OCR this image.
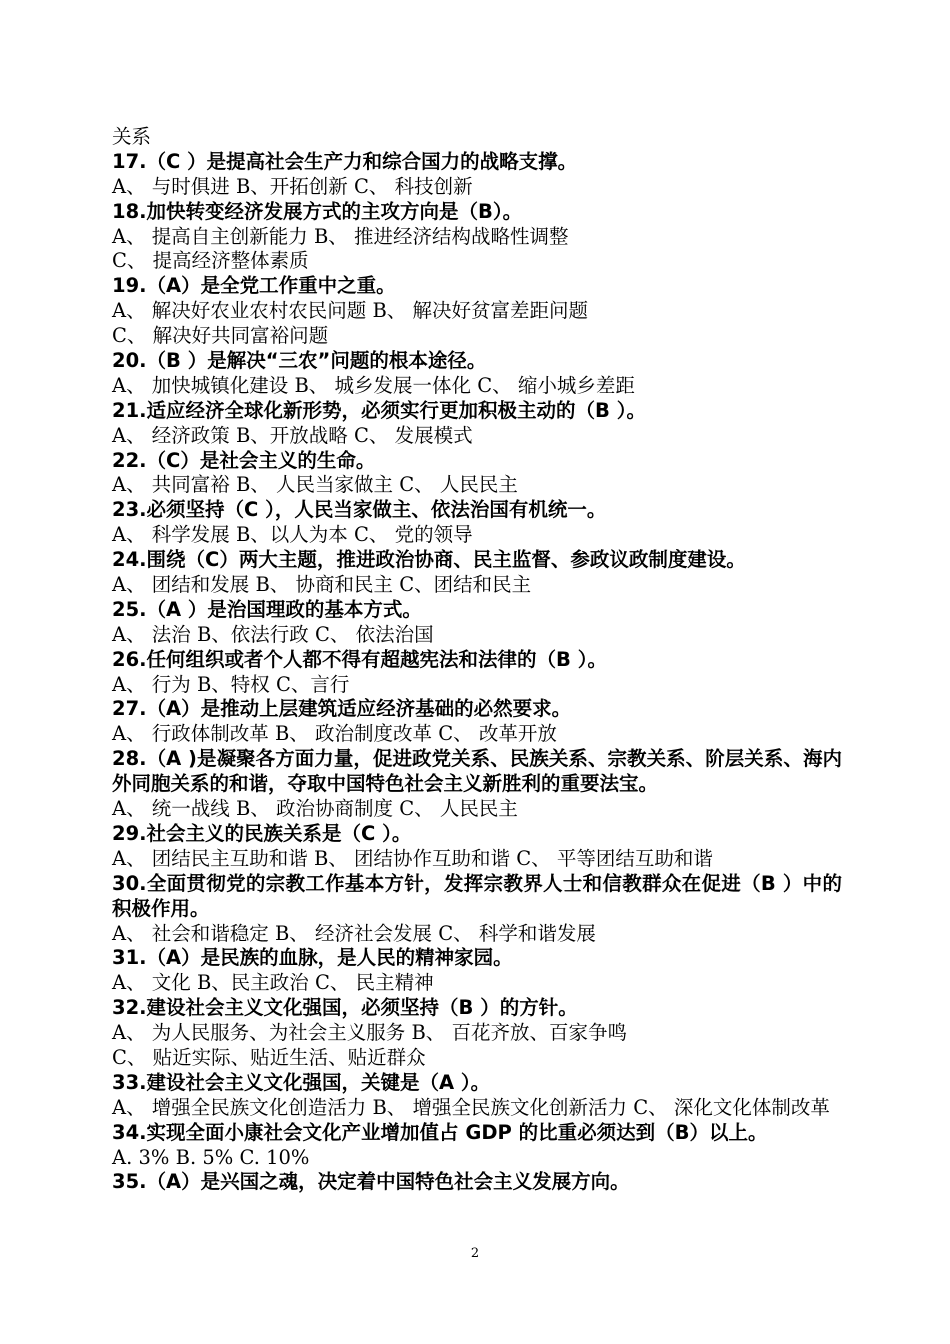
关系
17.（C ）是提高社会生产力和综合国力的战略支撑。
A、 与时俱进 B、开拓创新 C、 科技创新
18.加快转变经济发展方式的主攻方向是（B）。
A、 提高自主创新能力 B、 推进经济结构战略性调整
C、 提高经济整体素质
19.（A）是全党工作重中之重。
A、 解决好农业农村农民问题 B、 解决好贫富差距问题
C、 解决好共同富裕问题
20.（B ）是解决“三农”问题的根本途径。
A、 加快城镇化建设 B、 城乡发展一体化 C、 缩小城乡差距
21.适应经济全球化新形势，必须实行更加积极主动的（B ）。
A、 经济政策 B、开放战略 C、 发展模式
22.（C）是社会主义的生命。
A、 共同富裕 B、 人民当家做主 C、 人民民主
23.必须坚持（C ），人民当家做主、依法治国有机统一。
A、 科学发展 B、以人为本 C、 党的领导
24.围绕（C）两大主题，推进政治协商、民主监督、参政议政制度建设。
A、 团结和发展 B、 协商和民主 C、团结和民主
25.（A ）是治国理政的基本方式。
A、 法治 B、依法行政 C、 依法治国
26.任何组织或者个人都不得有超越宪法和法律的（B ）。
A、 行为 B、特权 C、言行
27.（A）是推动上层建筑适应经济基础的必然要求。
A、 行政体制改革 B、 政治制度改革 C、 改革开放
28.（A )是凝聚各方面力量，促进政党关系、民族关系、宗教关系、阶层关系、海内外同胞关系的和谐，夺取中国特色社会主义新胜利的重要法宝。
A、 统一战线 B、 政治协商制度 C、 人民民主
29.社会主义的民族关系是（C ）。
A、 团结民主互助和谐 B、 团结协作互助和谐 C、 平等团结互助和谐
30.全面贯彻党的宗教工作基本方针，发挥宗教界人士和信教群众在促进（B ）中的积极作用。
A、 社会和谐稳定 B、 经济社会发展 C、 科学和谐发展
31.（A）是民族的血脉，是人民的精神家园。
A、 文化 B、民主政治 C、 民主精神
32.建设社会主义文化强国，必须坚持（B ）的方针。
A、 为人民服务、为社会主义服务 B、 百花齐放、百家争鸣
C、 贴近实际、贴近生活、贴近群众
33.建设社会主义文化强国，关键是（A ）。
A、 增强全民族文化创造活力 B、 增强全民族文化创新活力 C、 深化文化体制改革
34.实现全面小康社会文化产业增加值占 GDP 的比重必须达到（B）以上。
A. 3% B. 5% C. 10%
35.（A）是兴国之魂，决定着中国特色社会主义发展方向。
2
